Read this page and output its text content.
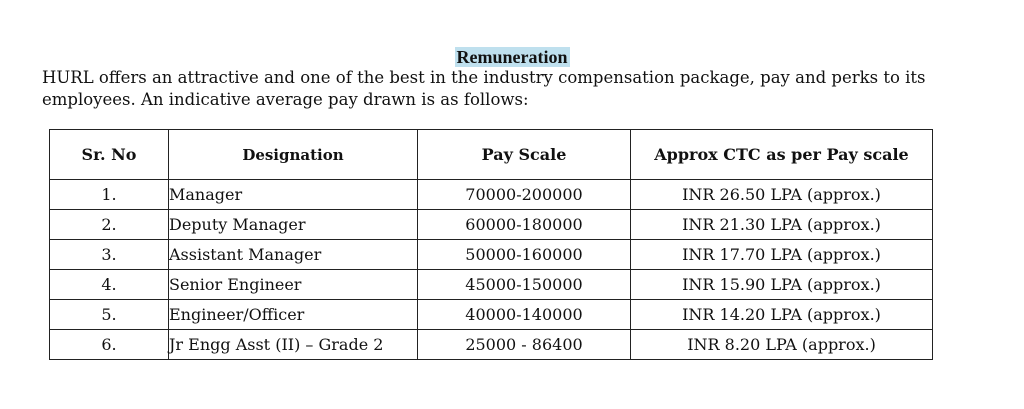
Remuneration

HURL offers an attractive and one of the best in the industry compensation package, pay and perks to its employees. An indicative average pay drawn is as follows:

Sr. No	Designation	Pay Scale	Approx CTC as per Pay scale
1.	Manager	70000-200000	INR 26.50 LPA (approx.)
2.	Deputy Manager	60000-180000	INR 21.30 LPA (approx.)
3.	Assistant Manager	50000-160000	INR 17.70 LPA (approx.)
4.	Senior Engineer	45000-150000	INR 15.90 LPA (approx.)
5.	Engineer/Officer	40000-140000	INR 14.20 LPA (approx.)
6.	Jr Engg Asst (II) – Grade 2	25000 - 86400	INR 8.20 LPA (approx.)
